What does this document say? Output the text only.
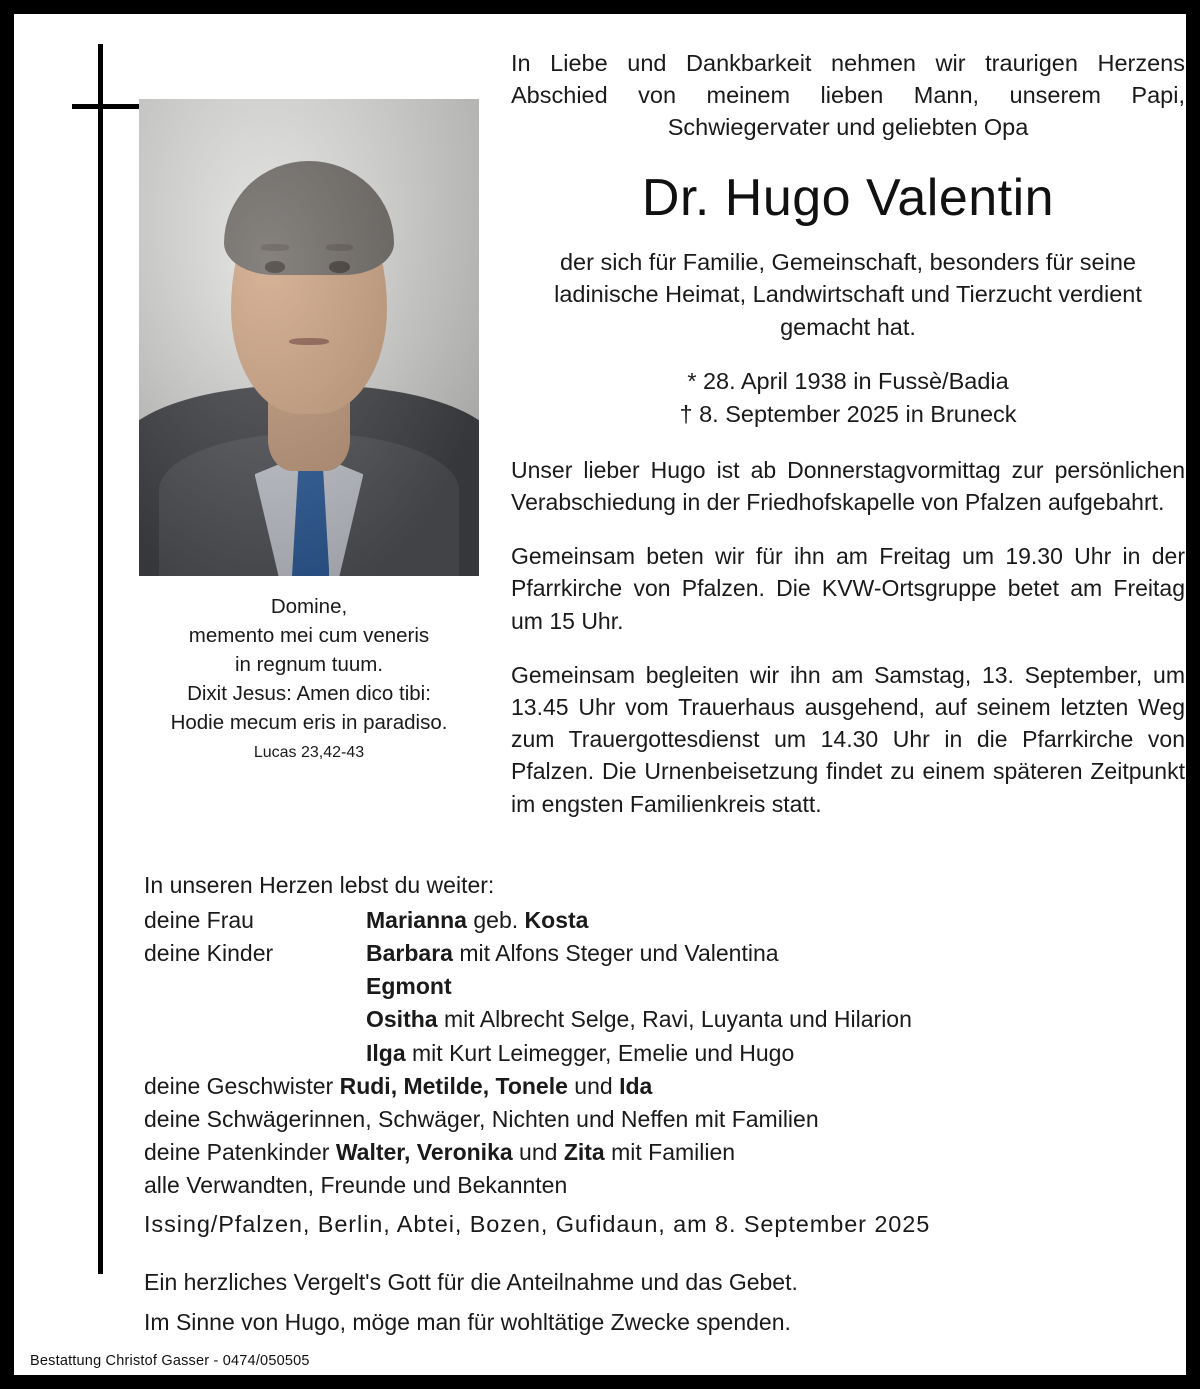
Domine,
memento mei cum veneris
in regnum tuum.
Dixit Jesus: Amen dico tibi:
Hodie mecum eris in paradiso.
Lucas 23,42-43
In Liebe und Dankbarkeit nehmen wir traurigen Herzens Abschied von meinem lieben Mann, unserem Papi, Schwiegervater und geliebten Opa
Dr. Hugo Valentin
der sich für Familie, Gemeinschaft, besonders für seine ladinische Heimat, Landwirtschaft und Tierzucht verdient gemacht hat.
* 28. April 1938 in Fussè/Badia
† 8. September 2025 in Bruneck
Unser lieber Hugo ist ab Donnerstagvormittag zur persönlichen Verabschiedung in der Friedhofskapelle von Pfalzen aufgebahrt.
Gemeinsam beten wir für ihn am Freitag um 19.30 Uhr in der Pfarrkirche von Pfalzen. Die KVW-Ortsgruppe betet am Freitag um 15 Uhr.
Gemeinsam begleiten wir ihn am Samstag, 13. September, um 13.45 Uhr vom Trauerhaus ausgehend, auf seinem letzten Weg zum Trauergottesdienst um 14.30 Uhr in die Pfarrkirche von Pfalzen. Die Urnenbeisetzung findet zu einem späteren Zeitpunkt im engsten Familienkreis statt.
In unseren Herzen lebst du weiter:
deine Frau	Marianna geb. Kosta
deine Kinder	Barbara mit Alfons Steger und Valentina
Egmont
Ositha mit Albrecht Selge, Ravi, Luyanta und Hilarion
Ilga mit Kurt Leimegger, Emelie und Hugo
deine Geschwister Rudi, Metilde, Tonele und Ida
deine Schwägerinnen, Schwäger, Nichten und Neffen mit Familien
deine Patenkinder Walter, Veronika und Zita mit Familien
alle Verwandten, Freunde und Bekannten
Issing/Pfalzen, Berlin, Abtei, Bozen, Gufidaun, am 8. September 2025
Ein herzliches Vergelt's Gott für die Anteilnahme und das Gebet.
Im Sinne von Hugo, möge man für wohltätige Zwecke spenden.
Bestattung Christof Gasser - 0474/050505
